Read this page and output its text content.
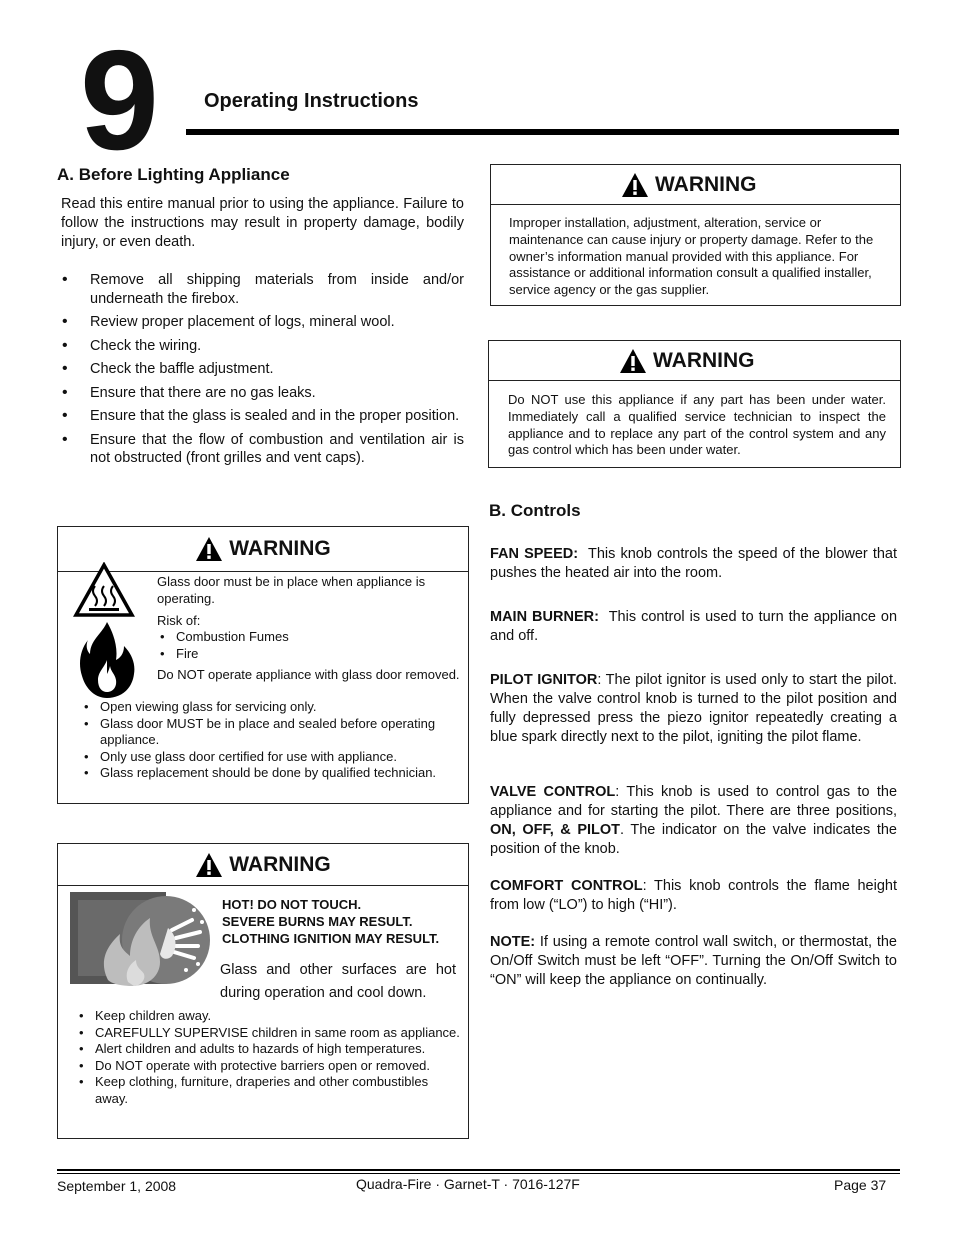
9 Operating Instructions
A. Before Lighting Appliance
Read this entire manual prior to using the appliance. Failure to follow the instructions may result in property damage, bodily injury, or even death.
• Remove all shipping materials from inside and/or underneath the firebox.
• Review proper placement of logs, mineral wool.
• Check the wiring.
• Check the baffle adjustment.
• Ensure that there are no gas leaks.
• Ensure that the glass is sealed and in the proper position.
• Ensure that the flow of combustion and ventilation air is not obstructed (front grilles and vent caps).
WARNING
Glass door must be in place when appliance is operating.
Risk of:
• Combustion Fumes
• Fire
Do NOT operate appliance with glass door removed.
• Open viewing glass for servicing only.
• Glass door MUST be in place and sealed before operating appliance.
• Only use glass door certified for use with appliance.
• Glass replacement should be done by qualified technician.
WARNING
HOT! DO NOT TOUCH.
SEVERE BURNS MAY RESULT.
CLOTHING IGNITION MAY RESULT.
Glass and other surfaces are hot during operation and cool down.
• Keep children away.
• CAREFULLY SUPERVISE children in same room as appliance.
• Alert children and adults to hazards of high temperatures.
• Do NOT operate with protective barriers open or removed.
• Keep clothing, furniture, draperies and other combustibles away.
WARNING
Improper installation, adjustment, alteration, service or maintenance can cause injury or property damage. Refer to the owner’s information manual provided with this appliance. For assistance or additional information consult a qualified installer, service agency or the gas supplier.
WARNING
Do NOT use this appliance if any part has been under water. Immediately call a qualified service technician to inspect the appliance and to replace any part of the control system and any gas control which has been under water.
B. Controls
FAN SPEED: This knob controls the speed of the blower that pushes the heated air into the room.
MAIN BURNER: This control is used to turn the appliance on and off.
PILOT IGNITOR: The pilot ignitor is used only to start the pilot. When the valve control knob is turned to the pilot position and fully depressed press the piezo ignitor repeatedly creating a blue spark directly next to the pilot, igniting the pilot flame.
VALVE CONTROL: This knob is used to control gas to the appliance and for starting the pilot. There are three positions, ON, OFF, & PILOT. The indicator on the valve indicates the position of the knob.
COMFORT CONTROL: This knob controls the flame height from low (“LO”) to high (“HI”).
NOTE: If using a remote control wall switch, or thermostat, the On/Off Switch must be left “OFF”. Turning the On/Off Switch to “ON” will keep the appliance on continually.
September 1, 2008	Quadra-Fire · Garnet-T · 7016-127F	Page 37
